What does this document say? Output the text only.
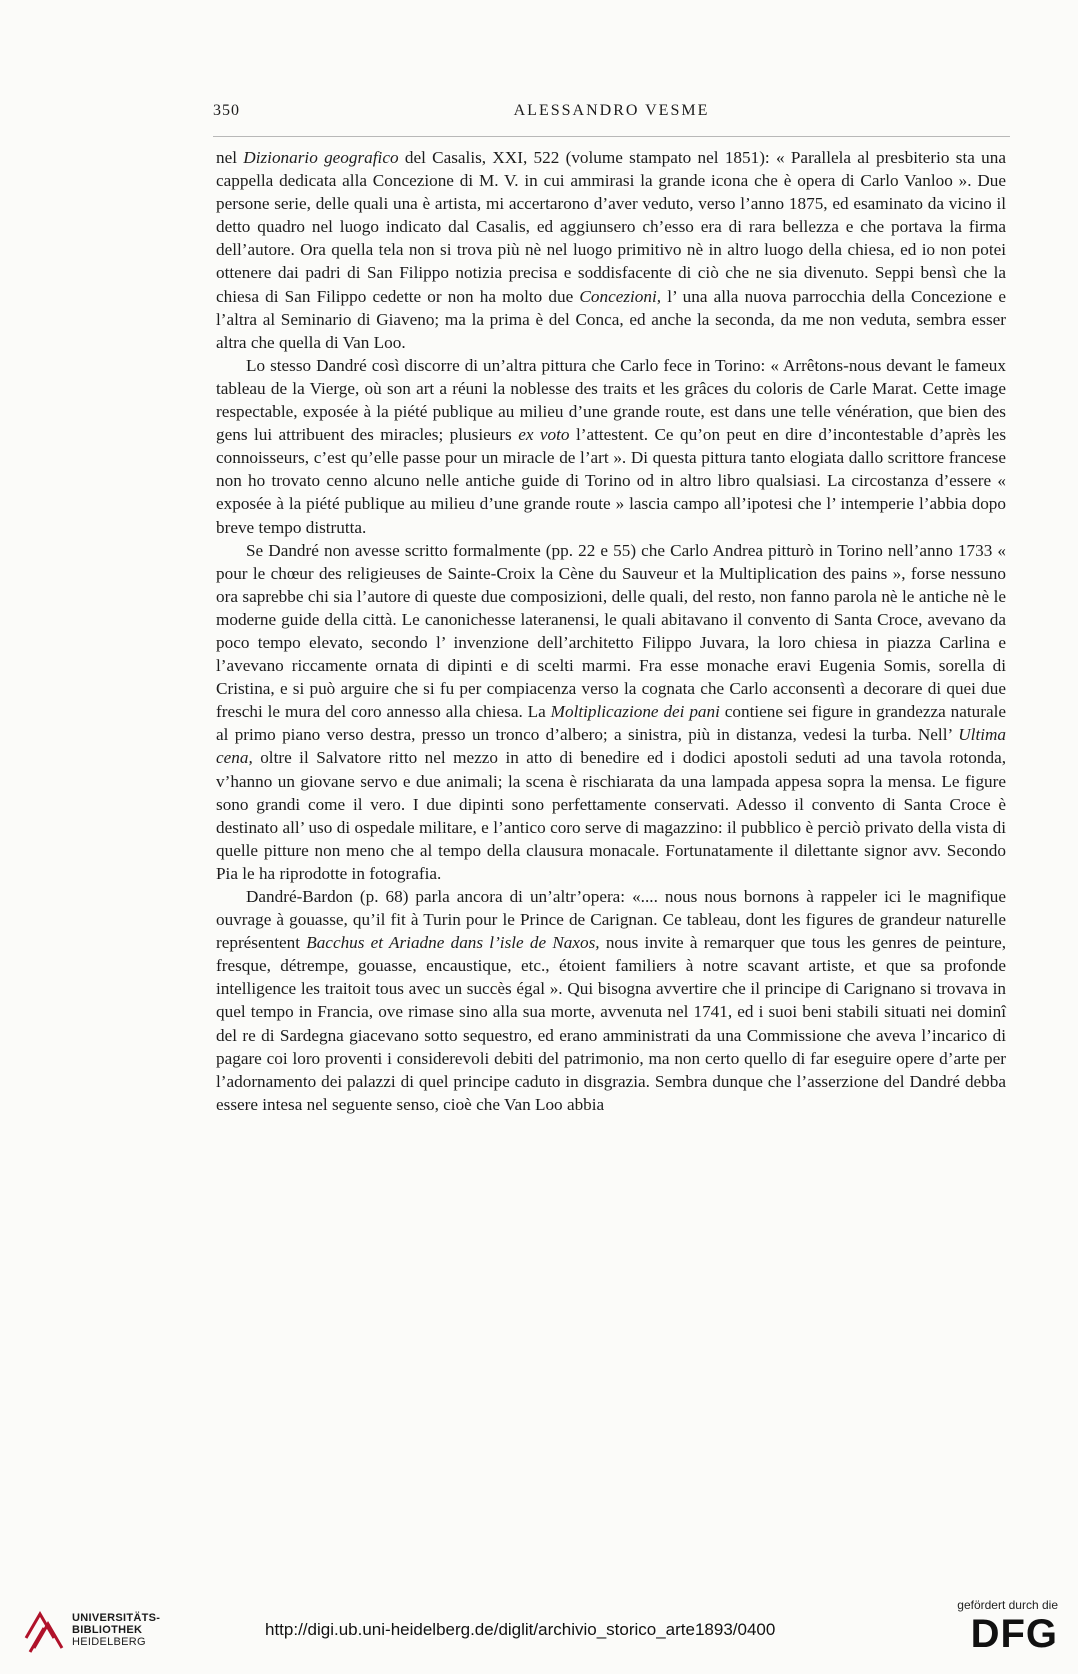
350	ALESSANDRO VESME

nel Dizionario geografico del Casalis, XXI, 522 (volume stampato nel 1851): « Parallela al presbiterio sta una cappella dedicata alla Concezione di M. V. in cui ammirasi la grande icona che è opera di Carlo Vanloo ». Due persone serie, delle quali una è artista, mi accertarono d’aver veduto, verso l’anno 1875, ed esaminato da vicino il detto quadro nel luogo indicato dal Casalis, ed aggiunsero ch’esso era di rara bellezza e che portava la firma dell’autore. Ora quella tela non si trova più nè nel luogo primitivo nè in altro luogo della chiesa, ed io non potei ottenere dai padri di San Filippo notizia precisa e soddisfacente di ciò che ne sia divenuto. Seppi bensì che la chiesa di San Filippo cedette or non ha molto due Concezioni, l’ una alla nuova parrocchia della Concezione e l’altra al Seminario di Giaveno; ma la prima è del Conca, ed anche la seconda, da me non veduta, sembra esser altra che quella di Van Loo.

Lo stesso Dandré così discorre di un’altra pittura che Carlo fece in Torino: « Arrêtons-nous devant le fameux tableau de la Vierge, où son art a réuni la noblesse des traits et les grâces du coloris de Carle Marat. Cette image respectable, exposée à la piété publique au milieu d’une grande route, est dans une telle vénération, que bien des gens lui attribuent des miracles; plusieurs ex voto l’attestent. Ce qu’on peut en dire d’incontestable d’après les connoisseurs, c’est qu’elle passe pour un miracle de l’art ». Di questa pittura tanto elogiata dallo scrittore francese non ho trovato cenno alcuno nelle antiche guide di Torino od in altro libro qualsiasi. La circostanza d’essere « exposée à la piété publique au milieu d’une grande route » lascia campo all’ipotesi che l’ intemperie l’abbia dopo breve tempo distrutta.

Se Dandré non avesse scritto formalmente (pp. 22 e 55) che Carlo Andrea pitturò in Torino nell’anno 1733 « pour le chœur des religieuses de Sainte-Croix la Cène du Sauveur et la Multiplication des pains », forse nessuno ora saprebbe chi sia l’autore di queste due composizioni, delle quali, del resto, non fanno parola nè le antiche nè le moderne guide della città. Le canonichesse lateranensi, le quali abitavano il convento di Santa Croce, avevano da poco tempo elevato, secondo l’ invenzione dell’architetto Filippo Juvara, la loro chiesa in piazza Carlina e l’avevano riccamente ornata di dipinti e di scelti marmi. Fra esse monache eravi Eugenia Somis, sorella di Cristina, e si può arguire che si fu per compiacenza verso la cognata che Carlo acconsentì a decorare di quei due freschi le mura del coro annesso alla chiesa. La Moltiplicazione dei pani contiene sei figure in grandezza naturale al primo piano verso destra, presso un tronco d’albero; a sinistra, più in distanza, vedesi la turba. Nell’ Ultima cena, oltre il Salvatore ritto nel mezzo in atto di benedire ed i dodici apostoli seduti ad una tavola rotonda, v’hanno un giovane servo e due animali; la scena è rischiarata da una lampada appesa sopra la mensa. Le figure sono grandi come il vero. I due dipinti sono perfettamente conservati. Adesso il convento di Santa Croce è destinato all’ uso di ospedale militare, e l’antico coro serve di magazzino: il pubblico è perciò privato della vista di quelle pitture non meno che al tempo della clausura monacale. Fortunatamente il dilettante signor avv. Secondo Pia le ha riprodotte in fotografia.

Dandré-Bardon (p. 68) parla ancora di un’altr’opera: «.... nous nous bornons à rappeler ici le magnifique ouvrage à gouasse, qu’il fit à Turin pour le Prince de Carignan. Ce tableau, dont les figures de grandeur naturelle représentent Bacchus et Ariadne dans l’isle de Naxos, nous invite à remarquer que tous les genres de peinture, fresque, détrempe, gouasse, encaustique, etc., étoient familiers à notre scavant artiste, et que sa profonde intelligence les traitoit tous avec un succès égal ». Qui bisogna avvertire che il principe di Carignano si trovava in quel tempo in Francia, ove rimase sino alla sua morte, avvenuta nel 1741, ed i suoi beni stabili situati nei dominî del re di Sardegna giacevano sotto sequestro, ed erano amministrati da una Commissione che aveva l’incarico di pagare coi loro proventi i considerevoli debiti del patrimonio, ma non certo quello di far eseguire opere d’arte per l’adornamento dei palazzi di quel principe caduto in disgrazia. Sembra dunque che l’asserzione del Dandré debba essere intesa nel seguente senso, cioè che Van Loo abbia

UNIVERSITÄTS-
BIBLIOTHEK
HEIDELBERG
http://digi.ub.uni-heidelberg.de/diglit/archivio_storico_arte1893/0400
gefördert durch die
DFG
